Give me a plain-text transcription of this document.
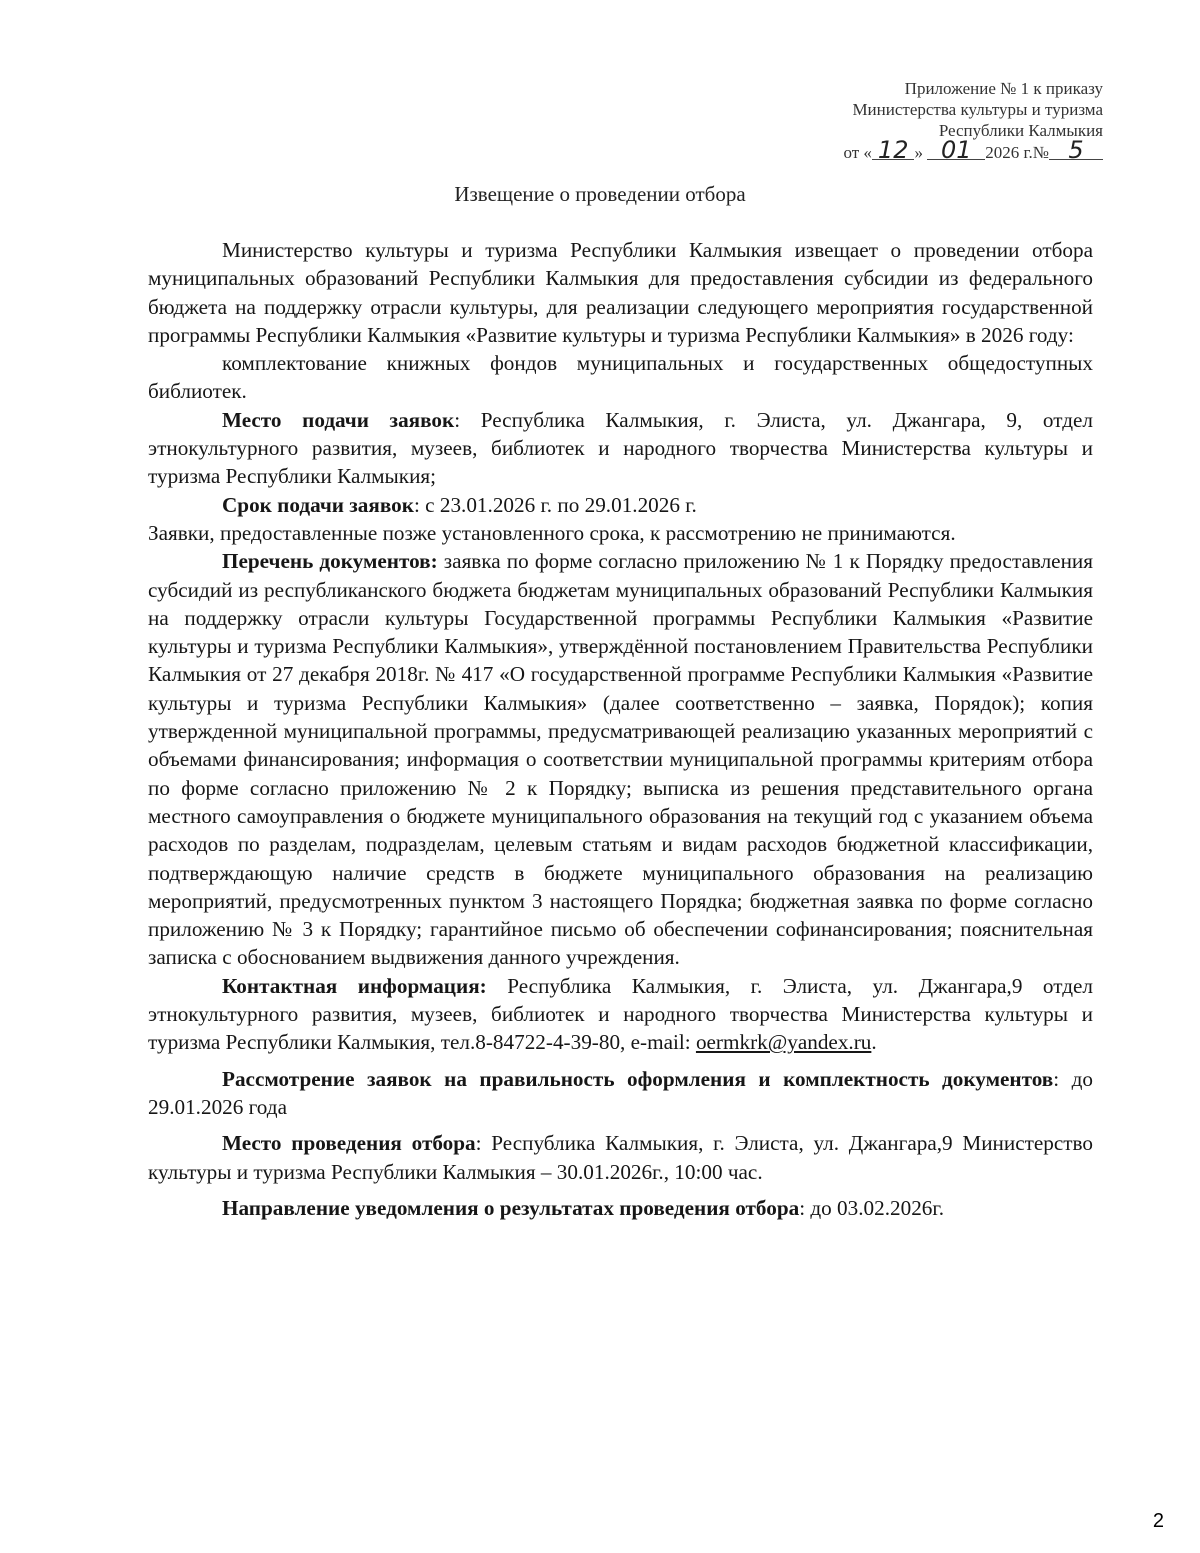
Приложение № 1 к приказу
Министерства культуры и туризма
Республики Калмыкия
от « 12 » 01 2026 г.№ 5
Извещение о проведении отбора

Министерство культуры и туризма Республики Калмыкия извещает о проведении отбора муниципальных образований Республики Калмыкия для предоставления субсидии из федерального бюджета на поддержку отрасли культуры, для реализации следующего мероприятия государственной программы Республики Калмыкия «Развитие культуры и туризма Республики Калмыкия» в 2026 году:

комплектование книжных фондов муниципальных и государственных общедоступных библиотек.

Место подачи заявок: Республика Калмыкия, г. Элиста, ул. Джангара, 9, отдел этнокультурного развития, музеев, библиотек и народного творчества Министерства культуры и туризма Республики Калмыкия;

Срок подачи заявок: с 23.01.2026 г. по 29.01.2026 г.

Заявки, предоставленные позже установленного срока, к рассмотрению не принимаются.

Перечень документов: заявка по форме согласно приложению № 1 к Порядку предоставления субсидий из республиканского бюджета бюджетам муниципальных образований Республики Калмыкия на поддержку отрасли культуры Государственной программы Республики Калмыкия «Развитие культуры и туризма Республики Калмыкия», утверждённой постановлением Правительства Республики Калмыкия от 27 декабря 2018г. № 417 «О государственной программе Республики Калмыкия «Развитие культуры и туризма Республики Калмыкия» (далее соответственно – заявка, Порядок); копия утвержденной муниципальной программы, предусматривающей реализацию указанных мероприятий с объемами финансирования; информация о соответствии муниципальной программы критериям отбора по форме согласно приложению № 2 к Порядку; выписка из решения представительного органа местного самоуправления о бюджете муниципального образования на текущий год с указанием объема расходов по разделам, подразделам, целевым статьям и видам расходов бюджетной классификации, подтверждающую наличие средств в бюджете муниципального образования на реализацию мероприятий, предусмотренных пунктом 3 настоящего Порядка; бюджетная заявка по форме согласно приложению № 3 к Порядку; гарантийное письмо об обеспечении софинансирования; пояснительная записка с обоснованием выдвижения данного учреждения.

Контактная информация: Республика Калмыкия, г. Элиста, ул. Джангара,9 отдел этнокультурного развития, музеев, библиотек и народного творчества Министерства культуры и туризма Республики Калмыкия, тел.8-84722-4-39-80, e-mail: oermkrk@yandex.ru.

Рассмотрение заявок на правильность оформления и комплектность документов: до 29.01.2026 года

Место проведения отбора: Республика Калмыкия, г. Элиста, ул. Джангара,9 Министерство культуры и туризма Республики Калмыкия – 30.01.2026г., 10:00 час.

Направление уведомления о результатах проведения отбора: до 03.02.2026г.

2
